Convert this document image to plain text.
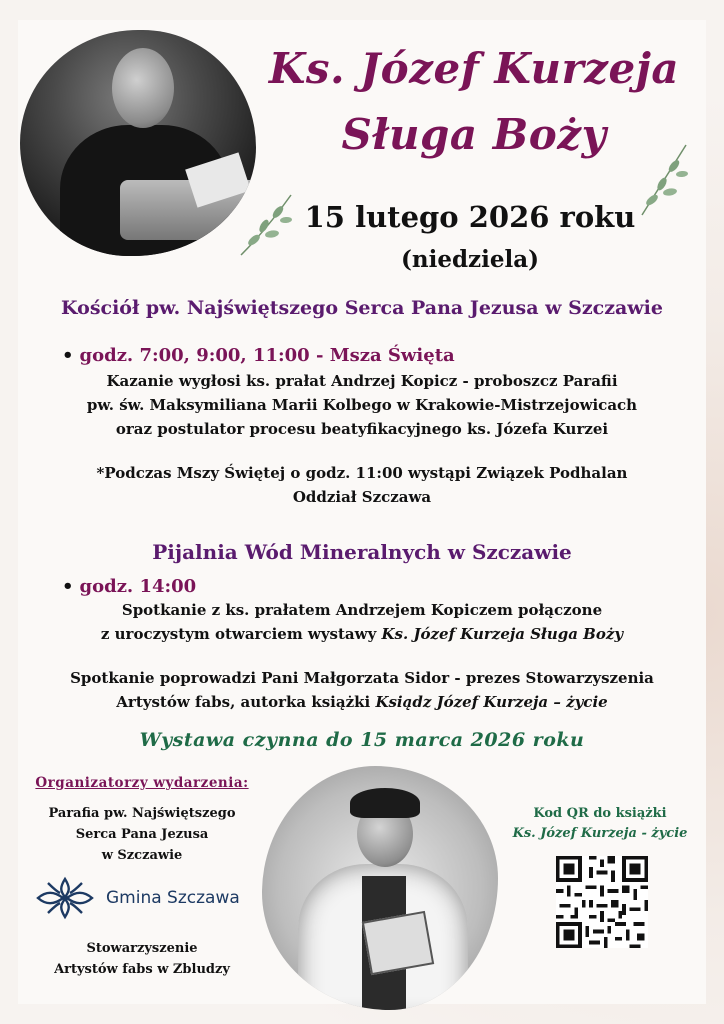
Ks. Józef Kurzeja
Sługa Boży
15 lutego 2026 roku
(niedziela)
Kościół pw. Najświętszego Serca Pana Jezusa w Szczawie
• godz. 7:00, 9:00, 11:00 - Msza Święta
Kazanie wygłosi ks. prałat Andrzej Kopicz - proboszcz Parafii
pw. św. Maksymiliana Marii Kolbego w Krakowie-Mistrzejowicach
oraz postulator procesu beatyfikacyjnego ks. Józefa Kurzei
*Podczas Mszy Świętej o godz. 11:00 wystąpi Związek Podhalan
Oddział Szczawa
Pijalnia Wód Mineralnych w Szczawie
• godz. 14:00
Spotkanie z ks. prałatem Andrzejem Kopiczem połączone
z uroczystym otwarciem wystawy Ks. Józef Kurzeja Sługa Boży
Spotkanie poprowadzi Pani Małgorzata Sidor - prezes Stowarzyszenia
Artystów fabs, autorka książki Ksiądz Józef Kurzeja – życie
Wystawa czynna do 15 marca 2026 roku
Organizatorzy wydarzenia:
Parafia pw. Najświętszego
Serca Pana Jezusa
w Szczawie
Gmina Szczawa
Stowarzyszenie
Artystów fabs w Zbludzy
Kod QR do książki
Ks. Józef Kurzeja - życie
